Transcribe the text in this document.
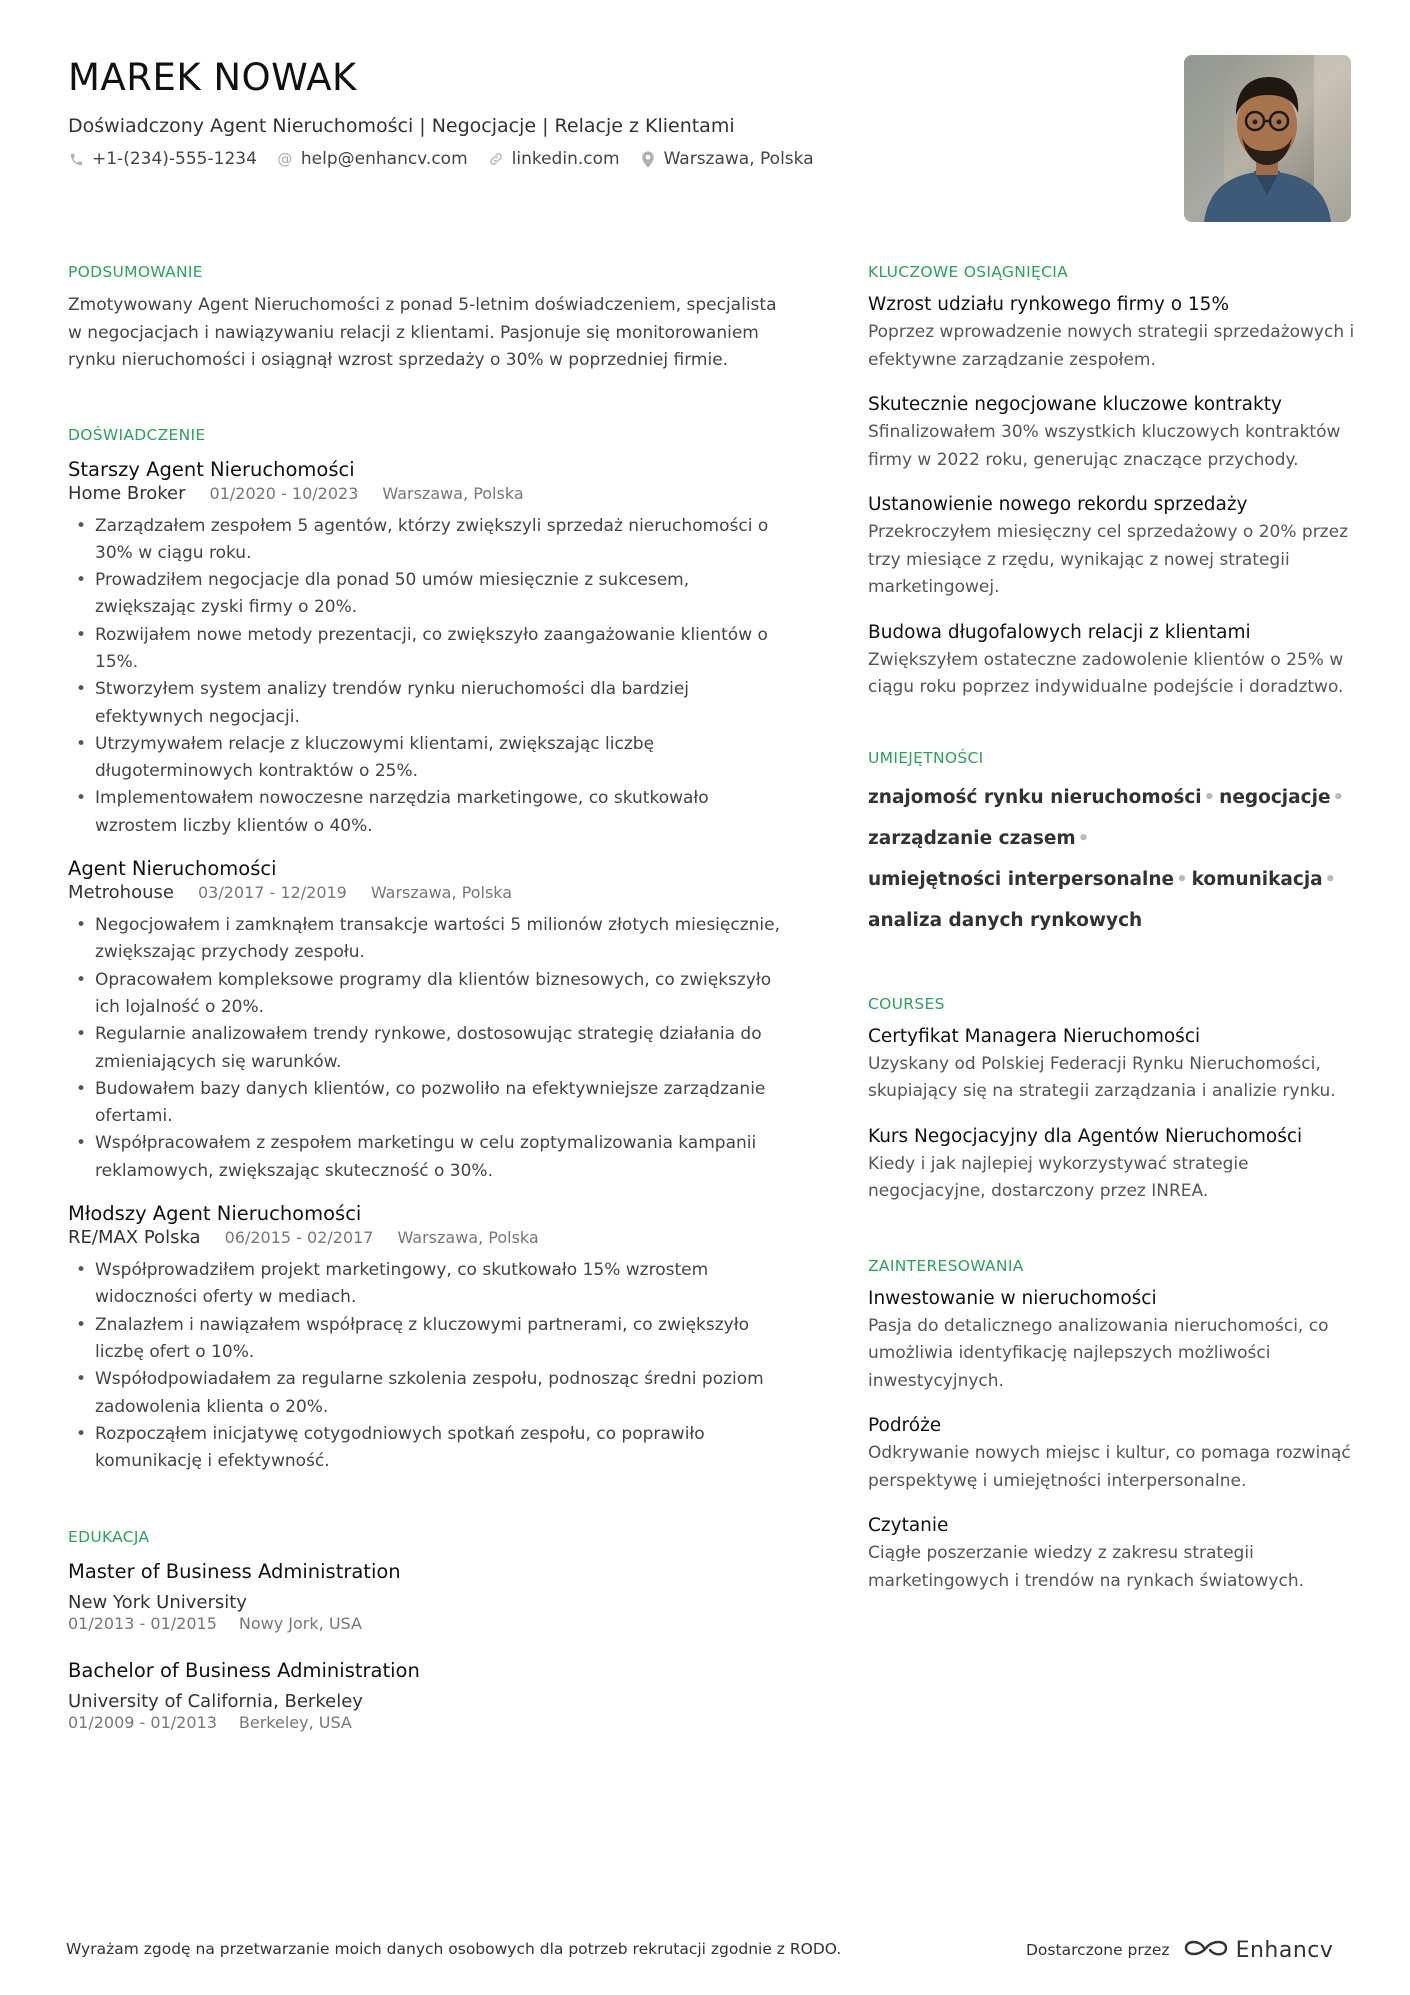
MAREK NOWAK
Doświadczony Agent Nieruchomości | Negocjacje | Relacje z Klientami
+1-(234)-555-1234 @ help@enhancv.com	linkedin.com	Warszawa, Polska
PODSUMOWANIE
Zmotywowany Agent Nieruchomości z ponad 5-letnim doświadczeniem, specjalista w negocjacjach i nawiązywaniu relacji z klientami. Pasjonuje się monitorowaniem rynku nieruchomości i osiągnął wzrost sprzedaży o 30% w poprzedniej firmie.
DOŚWIADCZENIE
Starszy Agent Nieruchomości
Home Broker 01/2020 - 10/2023 Warszawa, Polska
• Zarządzałem zespołem 5 agentów, którzy zwiększyli sprzedaż nieruchomości o 30% w ciągu roku.
• Prowadziłem negocjacje dla ponad 50 umów miesięcznie z sukcesem, zwiększając zyski firmy o 20%.
• Rozwijałem nowe metody prezentacji, co zwiększyło zaangażowanie klientów o 15%.
• Stworzyłem system analizy trendów rynku nieruchomości dla bardziej efektywnych negocjacji.
• Utrzymywałem relacje z kluczowymi klientami, zwiększając liczbę długoterminowych kontraktów o 25%.
• Implementowałem nowoczesne narzędzia marketingowe, co skutkowało wzrostem liczby klientów o 40%.
Agent Nieruchomości
Metrohouse 03/2017 - 12/2019 Warszawa, Polska
• Negocjowałem i zamknąłem transakcje wartości 5 milionów złotych miesięcznie, zwiększając przychody zespołu.
• Opracowałem kompleksowe programy dla klientów biznesowych, co zwiększyło ich lojalność o 20%.
• Regularnie analizowałem trendy rynkowe, dostosowując strategię działania do zmieniających się warunków.
• Budowałem bazy danych klientów, co pozwoliło na efektywniejsze zarządzanie ofertami.
• Współpracowałem z zespołem marketingu w celu zoptymalizowania kampanii reklamowych, zwiększając skuteczność o 30%.
Młodszy Agent Nieruchomości
RE/MAX Polska 06/2015 - 02/2017 Warszawa, Polska
• Współprowadziłem projekt marketingowy, co skutkowało 15% wzrostem widoczności oferty w mediach.
• Znalazłem i nawiązałem współpracę z kluczowymi partnerami, co zwiększyło liczbę ofert o 10%.
• Współodpowiadałem za regularne szkolenia zespołu, podnosząc średni poziom zadowolenia klienta o 20%.
• Rozpocząłem inicjatywę cotygodniowych spotkań zespołu, co poprawiło komunikację i efektywność.
EDUKACJA
Master of Business Administration
New York University
01/2013 - 01/2015 Nowy Jork, USA
Bachelor of Business Administration
University of California, Berkeley
01/2009 - 01/2013 Berkeley, USA
KLUCZOWE OSIĄGNIĘCIA
Wzrost udziału rynkowego firmy o 15%
Poprzez wprowadzenie nowych strategii sprzedażowych i efektywne zarządzanie zespołem.
Skutecznie negocjowane kluczowe kontrakty
Sfinalizowałem 30% wszystkich kluczowych kontraktów firmy w 2022 roku, generując znaczące przychody.
Ustanowienie nowego rekordu sprzedaży
Przekroczyłem miesięczny cel sprzedażowy o 20% przez trzy miesiące z rzędu, wynikając z nowej strategii marketingowej.
Budowa długofalowych relacji z klientami
Zwiększyłem ostateczne zadowolenie klientów o 25% w ciągu roku poprzez indywidualne podejście i doradztwo.
UMIEJĘTNOŚCI
znajomość rynku nieruchomości • negocjacje •
zarządzanie czasem •
umiejętności interpersonalne • komunikacja •
analiza danych rynkowych
COURSES
Certyfikat Managera Nieruchomości
Uzyskany od Polskiej Federacji Rynku Nieruchomości, skupiający się na strategii zarządzania i analizie rynku.
Kurs Negocjacyjny dla Agentów Nieruchomości
Kiedy i jak najlepiej wykorzystywać strategie negocjacyjne, dostarczony przez INREA.
ZAINTERESOWANIA
Inwestowanie w nieruchomości
Pasja do detalicznego analizowania nieruchomości, co umożliwia identyfikację najlepszych możliwości inwestycyjnych.
Podróże
Odkrywanie nowych miejsc i kultur, co pomaga rozwinąć perspektywę i umiejętności interpersonalne.
Czytanie
Ciągłe poszerzanie wiedzy z zakresu strategii marketingowych i trendów na rynkach światowych.
Wyrażam zgodę na przetwarzanie moich danych osobowych dla potrzeb rekrutacji zgodnie z RODO.	Dostarczone przez	Enhancv
